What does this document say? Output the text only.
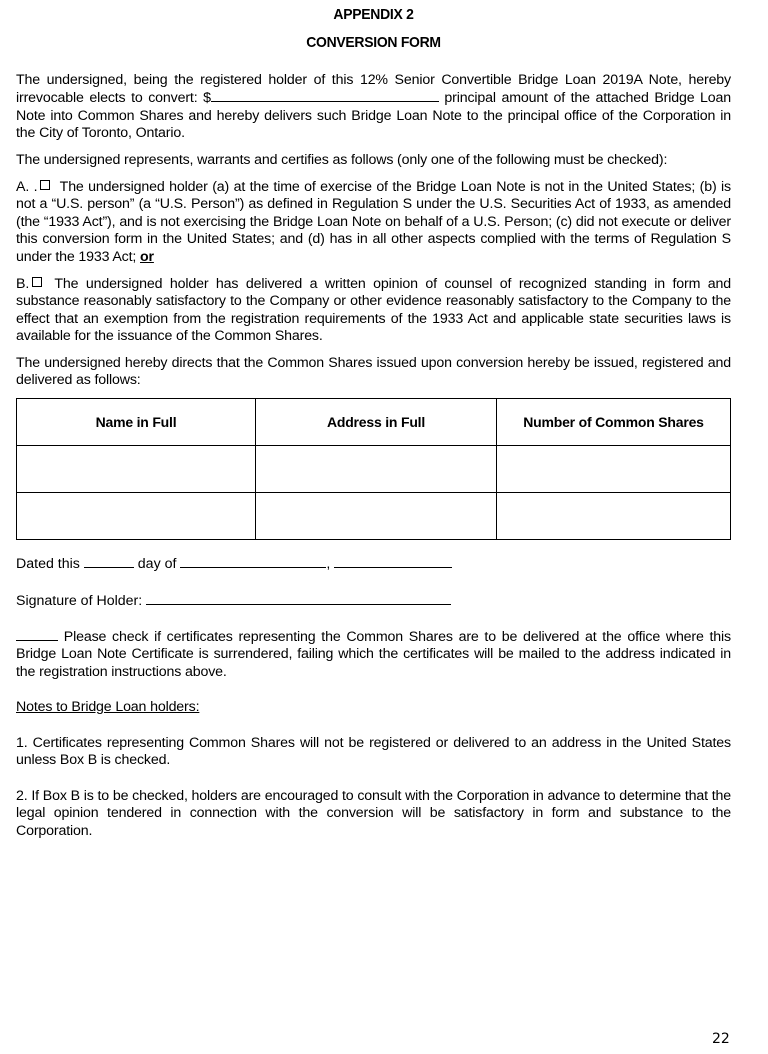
APPENDIX 2
CONVERSION FORM
The undersigned, being the registered holder of this 12% Senior Convertible Bridge Loan 2019A Note, hereby irrevocable elects to convert: $	principal amount of the attached Bridge Loan Note into Common Shares and hereby delivers such Bridge Loan Note to the principal office of the Corporation in the City of Toronto, Ontario.
The undersigned represents, warrants and certifies as follows (only one of the following must be checked):
A. . The undersigned holder (a) at the time of exercise of the Bridge Loan Note is not in the United States; (b) is not a “U.S. person” (a “U.S. Person”) as defined in Regulation S under the U.S. Securities Act of 1933, as amended (the “1933 Act”), and is not exercising the Bridge Loan Note on behalf of a U.S. Person; (c) did not execute or deliver this conversion form in the United States; and (d) has in all other aspects complied with the terms of Regulation S under the 1933 Act; or
B. The undersigned holder has delivered a written opinion of counsel of recognized standing in form and substance reasonably satisfactory to the Company or other evidence reasonably satisfactory to the Company to the effect that an exemption from the registration requirements of the 1933 Act and applicable state securities laws is available for the issuance of the Common Shares.
The undersigned hereby directs that the Common Shares issued upon conversion hereby be issued, registered and delivered as follows:
Name in Full	Address in Full	Number of Common Shares

Dated this	day of	,
Signature of Holder:
Please check if certificates representing the Common Shares are to be delivered at the office where this Bridge Loan Note Certificate is surrendered, failing which the certificates will be mailed to the address indicated in the registration instructions above.
Notes to Bridge Loan holders:
1. Certificates representing Common Shares will not be registered or delivered to an address in the United States unless Box B is checked.
2. If Box B is to be checked, holders are encouraged to consult with the Corporation in advance to determine that the legal opinion tendered in connection with the conversion will be satisfactory in form and substance to the Corporation.
22
